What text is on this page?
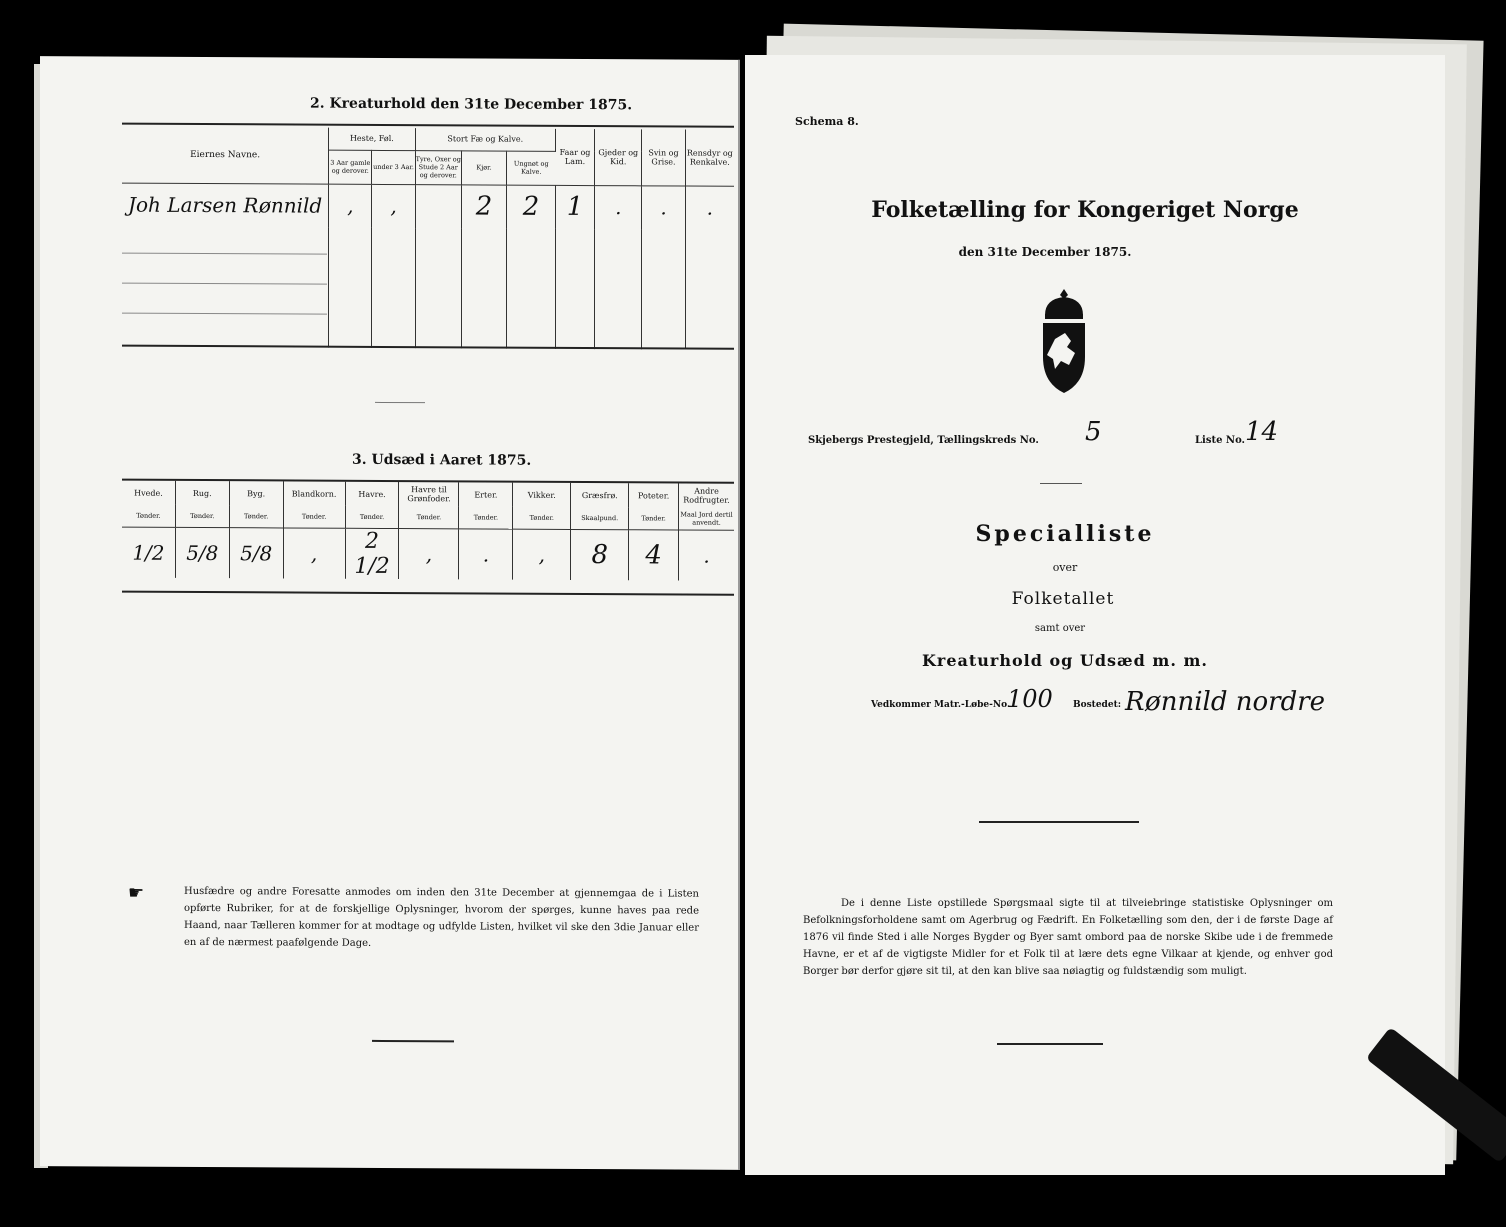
2. Kreaturhold den 31te December 1875.
Eiernes Navne.	Heste, Føl.		Stort Fæ og Kalve.			Faar og Lam.	Gjeder og Kid.	Svin og Grise.	Rensdyr og Renkalve.
	3 Aar gamle og derover.	under 3 Aar.	Tyre, Oxer og Stude 2 Aar og derover.	Kjør.	Ungnøt og Kalve.				
Joh Larsen Rønnild	,	,		2	2	1	.	.	.

3. Udsæd i Aaret 1875.
Hvede.	Rug.	Byg.	Blandkorn.	Havre.	Havre til Grønfoder.	Erter.	Vikker.	Græsfrø.	Poteter.	Andre Rodfrugter.
Tønder.	Tønder.	Tønder.	Tønder.	Tønder.	Tønder.	Tønder.	Tønder.	Skaalpund.	Tønder.	Maal Jord dertil anvendt.
1/2	5/8	5/8	,	2 1/2	,	.	,	8	4	.
☛	Husfædre og andre Foresatte anmodes om inden den 31te December at gjennemgaa de i Listen opførte Rubriker, for at de forskjellige Oplysninger, hvorom der spørges, kunne haves paa rede Haand, naar Tælleren kommer for at modtage og udfylde Listen, hvilket vil ske den 3die Januar eller en af de nærmest paafølgende Dage.
Schema 8.
Folketælling for Kongeriget Norge
den 31te December 1875.
Skjebergs Prestegjeld, Tællingskreds No. 5	Liste No. 14
Specialliste
over
Folketallet
samt over
Kreaturhold og Udsæd m. m.
Vedkommer Matr.-Løbe-No.
100 Bostedet: Rønnild nordre
De i denne Liste opstillede Spørgsmaal sigte til at tilveiebringe statistiske Oplysninger om Befolkningsforholdene samt om Agerbrug og Fædrift. En Folketælling som den, der i de første Dage af 1876 vil finde Sted i alle Norges Bygder og Byer samt ombord paa de norske Skibe ude i de fremmede Havne, er et af de vigtigste Midler for et Folk til at lære dets egne Vilkaar at kjende, og enhver god Borger bør derfor gjøre sit til, at den kan blive saa nøiagtig og fuldstændig som muligt.
